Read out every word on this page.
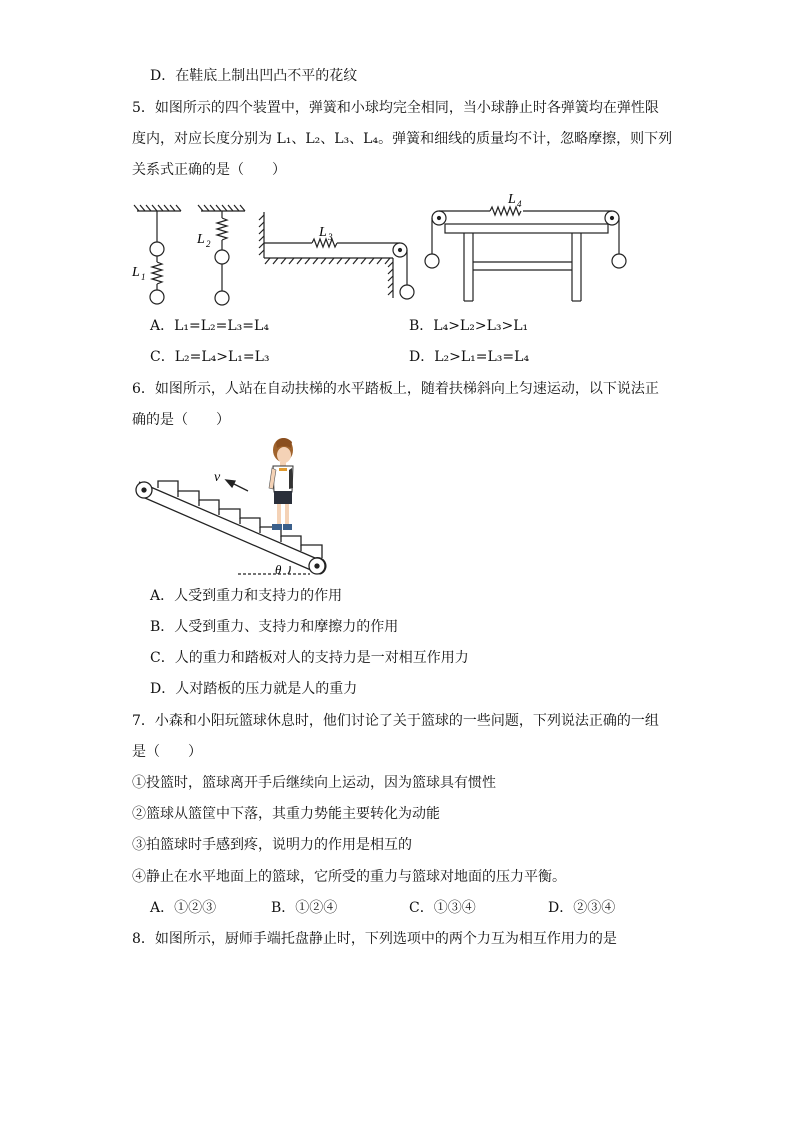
D．在鞋底上制出凹凸不平的花纹
5．如图所示的四个装置中，弹簧和小球均完全相同，当小球静止时各弹簧均在弹性限
度内，对应长度分别为 L₁、L₂、L₃、L₄。弹簧和细线的质量均不计，忽略摩擦，则下列
关系式正确的是（　　）
L 1
L 2
L 3
L 4
A．L₁=L₂=L₃=L₄	B．L₄>L₂>L₃>L₁
C．L₂=L₄>L₁=L₃	D．L₂>L₁=L₃=L₄
6．如图所示，人站在自动扶梯的水平踏板上，随着扶梯斜向上匀速运动，以下说法正
确的是（　　）
v
θ
A．人受到重力和支持力的作用
B．人受到重力、支持力和摩擦力的作用
C．人的重力和踏板对人的支持力是一对相互作用力
D．人对踏板的压力就是人的重力
7．小森和小阳玩篮球休息时，他们讨论了关于篮球的一些问题，下列说法正确的一组
是（　　）
①投篮时，篮球离开手后继续向上运动，因为篮球具有惯性
②篮球从篮筐中下落，其重力势能主要转化为动能
③拍篮球时手感到疼，说明力的作用是相互的
④静止在水平地面上的篮球，它所受的重力与篮球对地面的压力平衡。
A．①②③	B．①②④	C．①③④	D．②③④
8．如图所示，厨师手端托盘静止时，下列选项中的两个力互为相互作用力的是
